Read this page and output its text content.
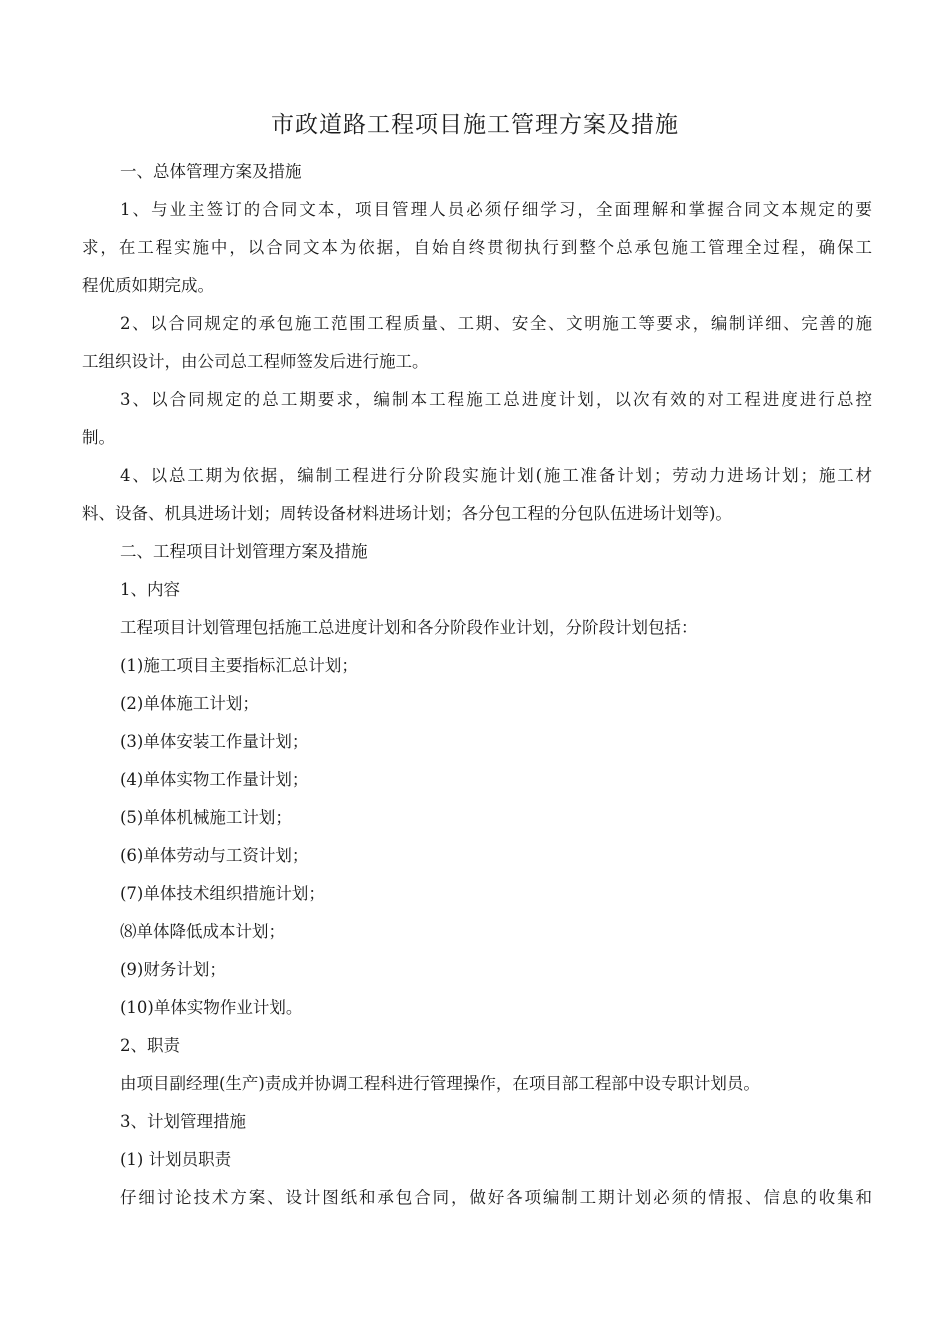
市政道路工程项目施工管理方案及措施
一、总体管理方案及措施
1、与业主签订的合同文本，项目管理人员必须仔细学习，全面理解和掌握合同文本规定的要
求，在工程实施中，以合同文本为依据，自始自终贯彻执行到整个总承包施工管理全过程，确保工
程优质如期完成。
2、以合同规定的承包施工范围工程质量、工期、安全、文明施工等要求，编制详细、完善的施
工组织设计，由公司总工程师签发后进行施工。
3、以合同规定的总工期要求，编制本工程施工总进度计划，以次有效的对工程进度进行总控
制。
4、以总工期为依据，编制工程进行分阶段实施计划(施工准备计划；劳动力进场计划；施工材
料、设备、机具进场计划；周转设备材料进场计划；各分包工程的分包队伍进场计划等)。
二、工程项目计划管理方案及措施
1、内容
工程项目计划管理包括施工总进度计划和各分阶段作业计划，分阶段计划包括：
(1)施工项目主要指标汇总计划；
(2)单体施工计划；
(3)单体安装工作量计划；
(4)单体实物工作量计划；
(5)单体机械施工计划；
(6)单体劳动与工资计划；
(7)单体技术组织措施计划；
⑻单体降低成本计划；
(9)财务计划；
(10)单体实物作业计划。
2、职责
由项目副经理(生产)责成并协调工程科进行管理操作，在项目部工程部中设专职计划员。
3、计划管理措施
(1) 计划员职责
仔细讨论技术方案、设计图纸和承包合同，做好各项编制工期计划必须的情报、信息的收集和
